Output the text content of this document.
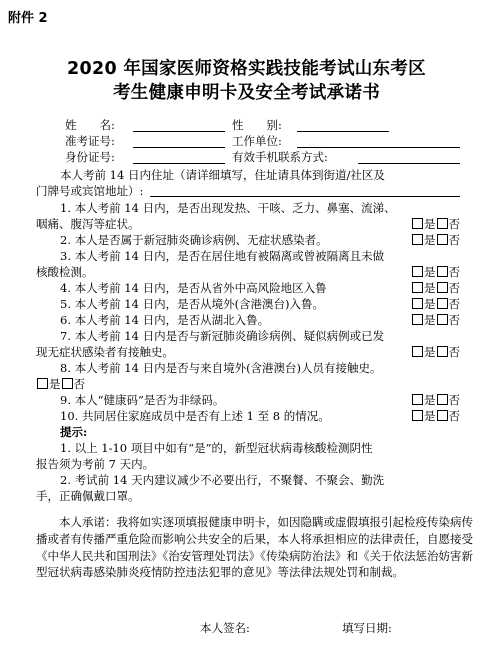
附件 2
2020 年国家医师资格实践技能考试山东考区
考生健康申明卡及安全考试承诺书
姓　　名:	性　　别:
准考证号:	工作单位:
身份证号:	有效手机联系方式:
本人考前 14 日内住址（请详细填写，住址请具体到街道/社区及
门牌号或宾馆地址）:
1. 本人考前 14 日内，是否出现发热、干咳、乏力、鼻塞、流涕、
咽痛、腹泻等症状。	是 否
2. 本人是否属于新冠肺炎确诊病例、无症状感染者。	是 否
3. 本人考前 14 日内，是否在居住地有被隔离或曾被隔离且未做
核酸检测。	是 否
4. 本人考前 14 日内，是否从省外中高风险地区入鲁	是 否
5. 本人考前 14 日内，是否从境外(含港澳台)入鲁。	是 否
6. 本人考前 14 日内，是否从湖北入鲁。	是 否
7. 本人考前 14 日内是否与新冠肺炎确诊病例、疑似病例或已发
现无症状感染者有接触史。	是 否
8. 本人考前 14 日内是否与来自境外(含港澳台)人员有接触史。
是 否
9. 本人“健康码”是否为非绿码。	是 否
10. 共同居住家庭成员中是否有上述 1 至 8 的情况。	是 否
提示:
1. 以上 1-10 项目中如有“是”的，新型冠状病毒核酸检测阴性
报告须为考前 7 天内。
2. 考试前 14 天内建议减少不必要出行，不聚餐、不聚会、勤洗
手，正确佩戴口罩。
本人承诺：我将如实逐项填报健康申明卡，如因隐瞒或虚假填报引起检疫传染病传播或者有传播严重危险而影响公共安全的后果，本人将承担相应的法律责任，自愿接受《中华人民共和国刑法》《治安管理处罚法》《传染病防治法》和《关于依法惩治妨害新型冠状病毒感染肺炎疫情防控违法犯罪的意见》等法律法规处罚和制裁。
本人签名:	填写日期:
